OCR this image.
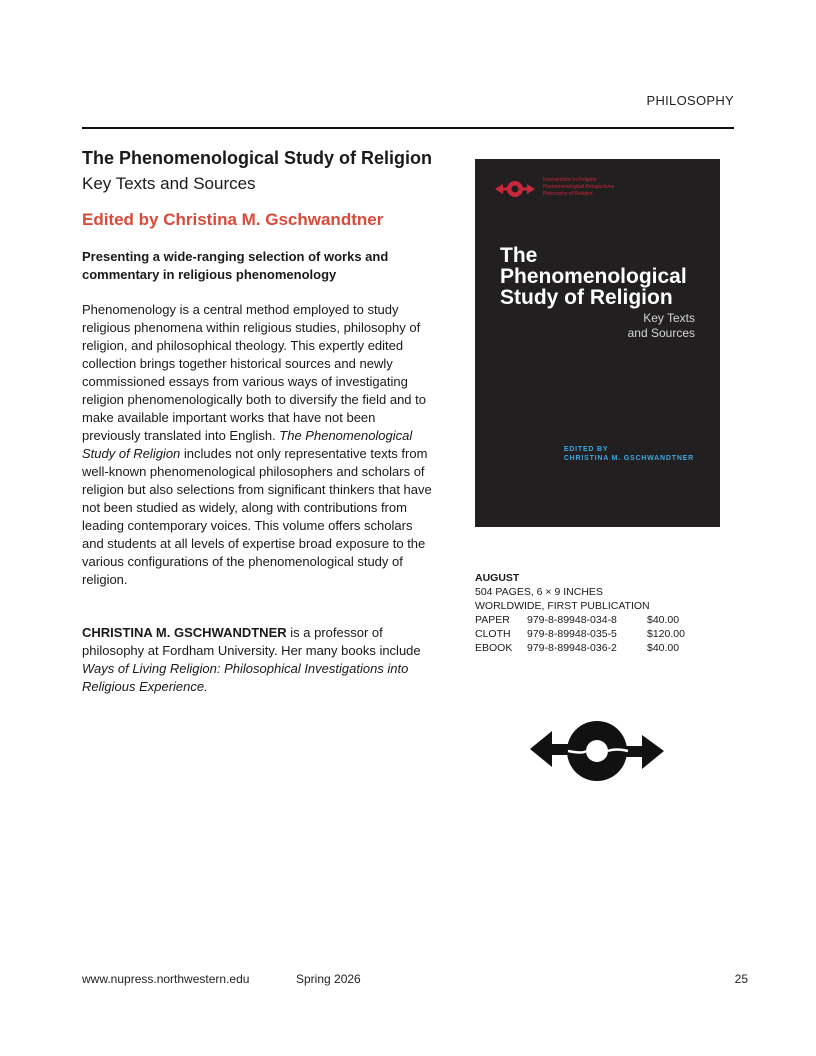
PHILOSOPHY
The Phenomenological Study of Religion
Key Texts and Sources
Edited by Christina M. Gschwandtner
Presenting a wide-ranging selection of works and commentary in religious phenomenology
Phenomenology is a central method employed to study religious phenomena within religious studies, philosophy of religion, and philosophical theology. This expertly edited collection brings together historical sources and newly commissioned essays from various ways of investigating religion phenomenologically both to diversify the field and to make available important works that have not been previously translated into English. The Phenomenological Study of Religion includes not only representative texts from well-known phenomenological philosophers and scholars of religion but also selections from significant thinkers that have not been studied as widely, along with contributions from leading contemporary voices. This volume offers scholars and students at all levels of expertise broad exposure to the various configurations of the phenomenological study of religion.
CHRISTINA M. GSCHWANDTNER is a professor of philosophy at Fordham University. Her many books include Ways of Living Religion: Philosophical Investigations into Religious Experience.
Interventions in Religion
Phenomenological Perspectives
Philosophy of Religion
The
Phenomenological
Study of Religion
Key Texts
and Sources
EDITED BY
CHRISTINA M. GSCHWANDTNER
AUGUST
504 PAGES, 6 × 9 INCHES
WORLDWIDE, FIRST PUBLICATION
PAPER	979-8-89948-034-8	$40.00
CLOTH	979-8-89948-035-5	$120.00
EBOOK	979-8-89948-036-2	$40.00
www.nupress.northwestern.edu	Spring 2026	25
